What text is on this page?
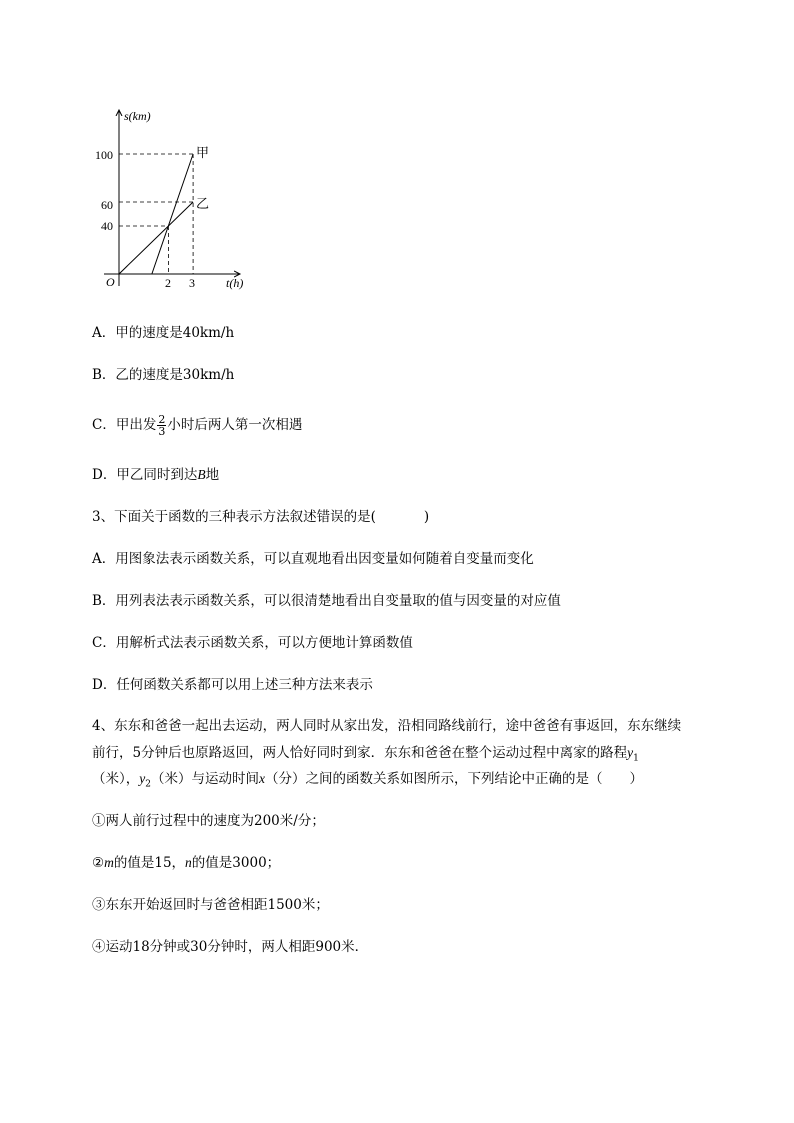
s(km)
t(h)
O
100
60
40
2 3
甲
乙
A．甲的速度是40km/h
B．乙的速度是30km/h
C．甲出发 $\frac{2}{3}$ 小时后两人第一次相遇
D．甲乙同时到达B地
3、下面关于函数的三种表示方法叙述错误的是(	)
A．用图象法表示函数关系，可以直观地看出因变量如何随着自变量而变化
B．用列表法表示函数关系，可以很清楚地看出自变量取的值与因变量的对应值
C．用解析式法表示函数关系，可以方便地计算函数值
D．任何函数关系都可以用上述三种方法来表示
4、东东和爸爸一起出去运动，两人同时从家出发，沿相同路线前行，途中爸爸有事返回，东东继续
前行，5分钟后也原路返回，两人恰好同时到家．东东和爸爸在整个运动过程中离家的路程$y_1$
（米），$y_2$（米）与运动时间x（分）之间的函数关系如图所示，下列结论中正确的是（　　）
①两人前行过程中的速度为200米/分；
②m的值是15，n的值是3000；
③东东开始返回时与爸爸相距1500米；
④运动18分钟或30分钟时，两人相距900米．
